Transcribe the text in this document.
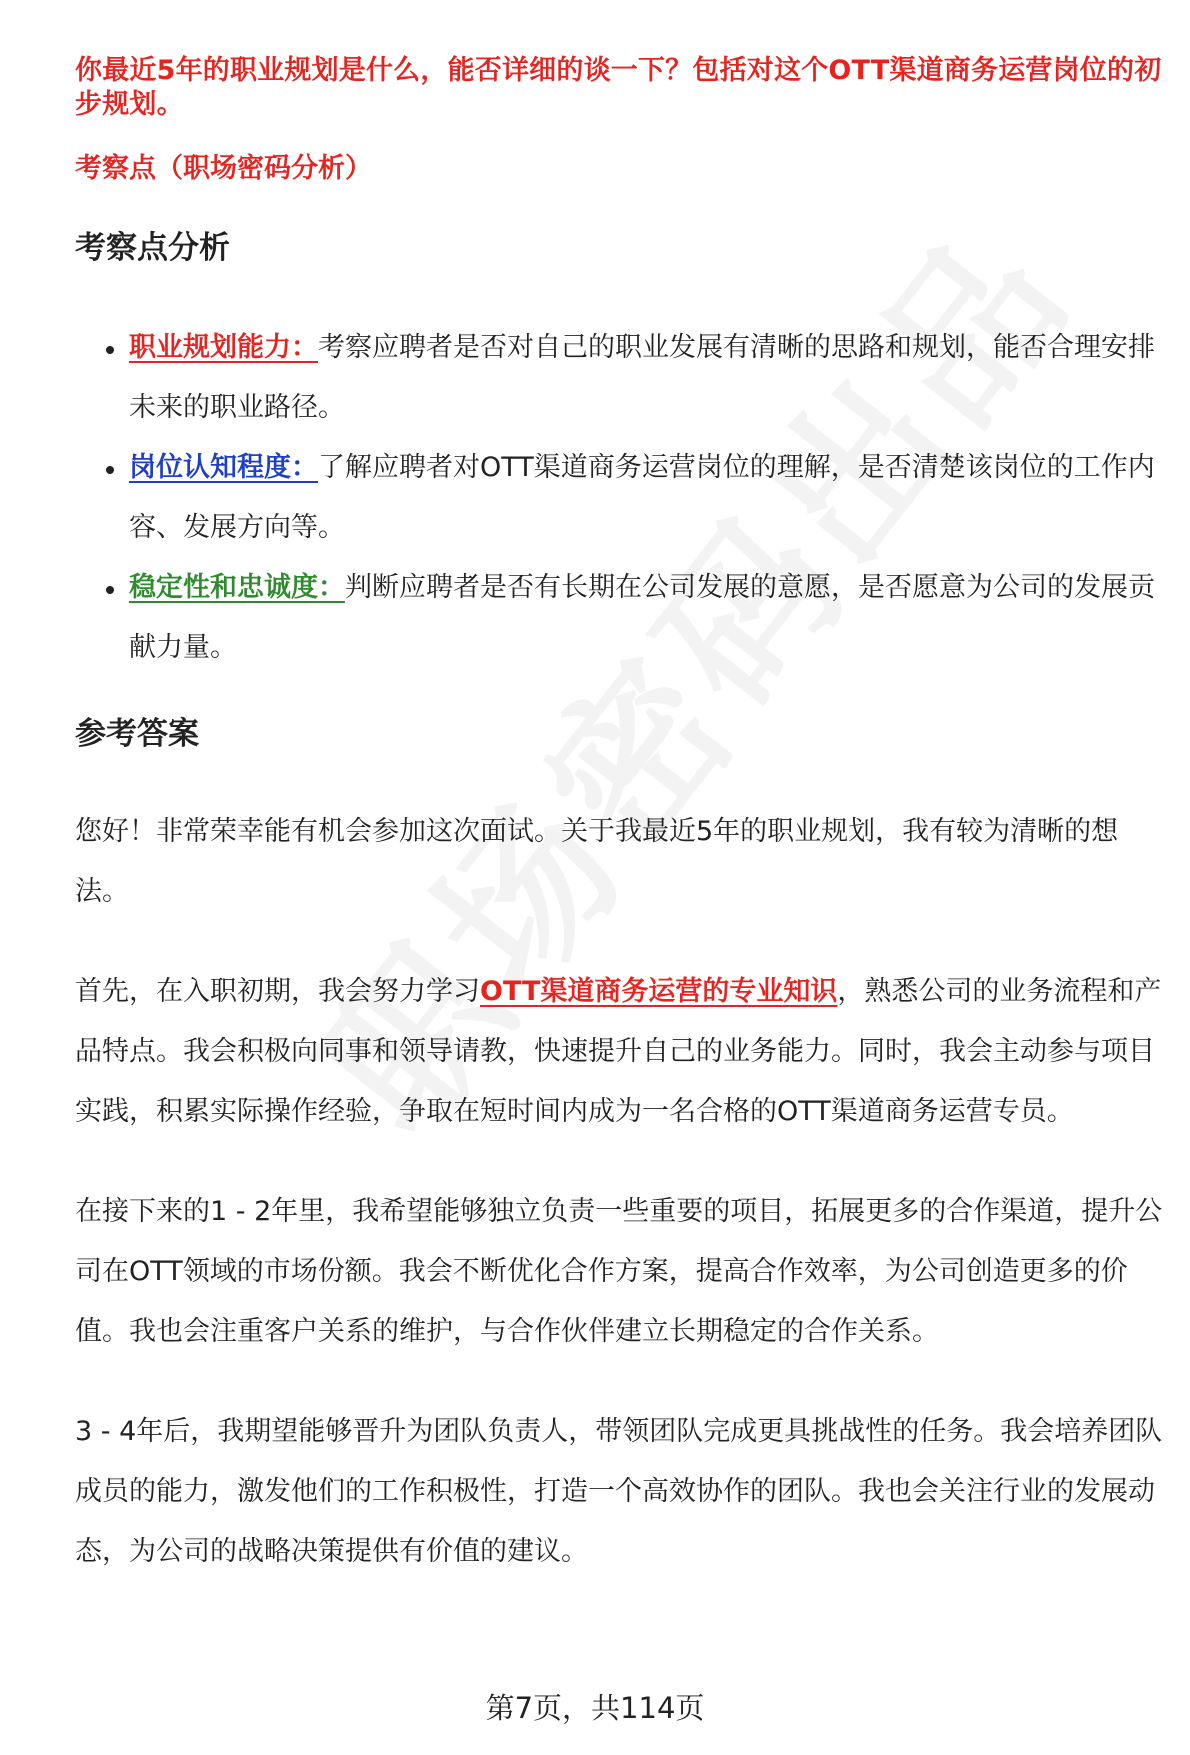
你最近5年的职业规划是什么，能否详细的谈一下？包括对这个OTT渠道商务运营岗位的初步规划。

考察点（职场密码分析）

考察点分析
职业规划能力：考察应聘者是否对自己的职业发展有清晰的思路和规划，能否合理安排未来的职业路径。
岗位认知程度：了解应聘者对OTT渠道商务运营岗位的理解，是否清楚该岗位的工作内容、发展方向等。
稳定性和忠诚度：判断应聘者是否有长期在公司发展的意愿，是否愿意为公司的发展贡献力量。
参考答案

您好！非常荣幸能有机会参加这次面试。关于我最近5年的职业规划，我有较为清晰的想法。

首先，在入职初期，我会努力学习OTT渠道商务运营的专业知识，熟悉公司的业务流程和产品特点。我会积极向同事和领导请教，快速提升自己的业务能力。同时，我会主动参与项目实践，积累实际操作经验，争取在短时间内成为一名合格的OTT渠道商务运营专员。

在接下来的1 - 2年里，我希望能够独立负责一些重要的项目，拓展更多的合作渠道，提升公司在OTT领域的市场份额。我会不断优化合作方案，提高合作效率，为公司创造更多的价值。我也会注重客户关系的维护，与合作伙伴建立长期稳定的合作关系。

3 - 4年后，我期望能够晋升为团队负责人，带领团队完成更具挑战性的任务。我会培养团队成员的能力，激发他们的工作积极性，打造一个高效协作的团队。我也会关注行业的发展动态，为公司的战略决策提供有价值的建议。

第7页，共114页
